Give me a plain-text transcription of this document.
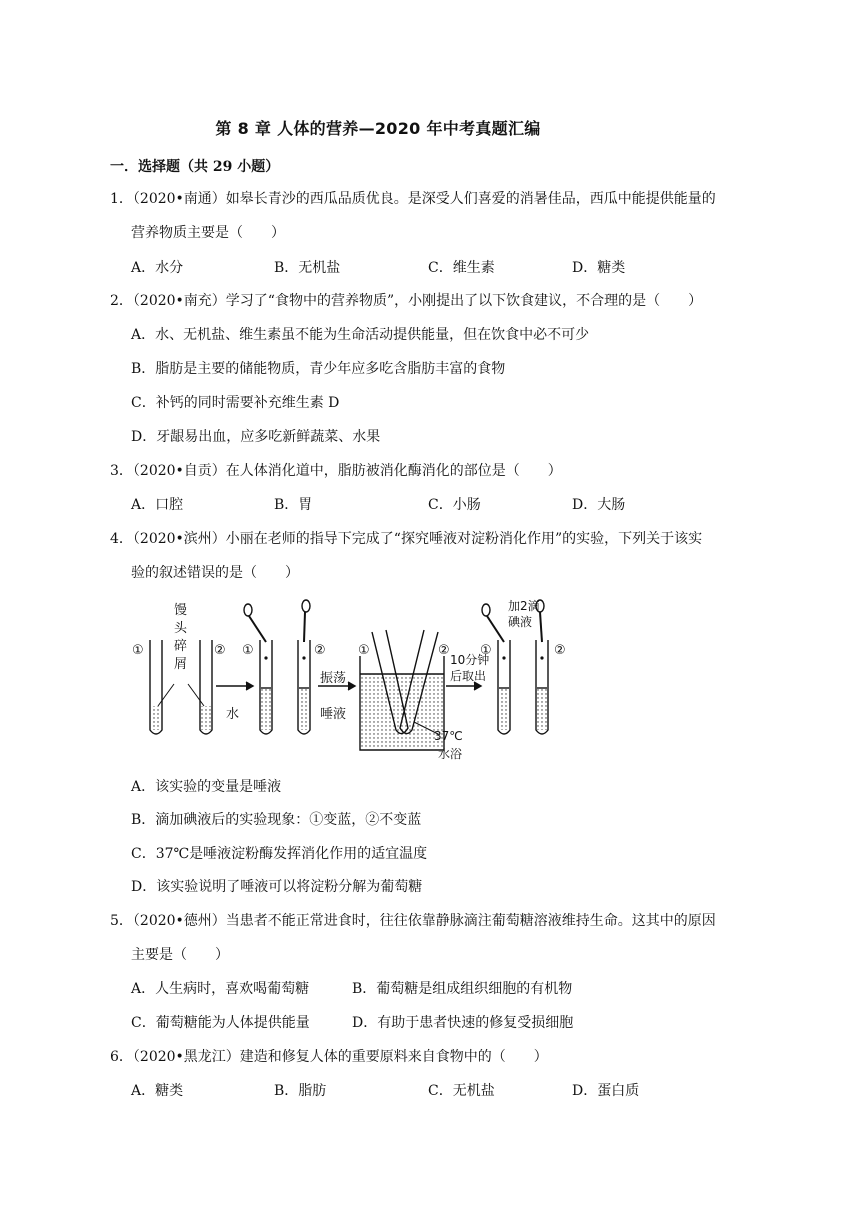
第 8 章 人体的营养—2020 年中考真题汇编
一．选择题（共 29 小题）
1．（2020•南通）如皋长青沙的西瓜品质优良。是深受人们喜爱的消暑佳品，西瓜中能提供能量的
营养物质主要是（　　）
A．水分	B．无机盐	C．维生素	D．糖类
2．（2020•南充）学习了“食物中的营养物质”，小刚提出了以下饮食建议，不合理的是（　　）
A．水、无机盐、维生素虽不能为生命活动提供能量，但在饮食中必不可少
B．脂肪是主要的储能物质，青少年应多吃含脂肪丰富的食物
C．补钙的同时需要补充维生素 D
D．牙龈易出血，应多吃新鲜蔬菜、水果
3．（2020•自贡）在人体消化道中，脂肪被消化酶消化的部位是（　　）
A．口腔	B．胃	C．小肠	D．大肠
4．（2020•滨州）小丽在老师的指导下完成了“探究唾液对淀粉消化作用”的实验，下列关于该实
验的叙述错误的是（　　）
①	②
馒
头
碎
屑
①	②
水
振荡
唾液
①	②
10分钟
后取出
37℃
水浴
①	②
加2滴
碘液
A．该实验的变量是唾液
B．滴加碘液后的实验现象：①变蓝，②不变蓝
C．37℃是唾液淀粉酶发挥消化作用的适宜温度
D．该实验说明了唾液可以将淀粉分解为葡萄糖
5．（2020•德州）当患者不能正常进食时，往往依靠静脉滴注葡萄糖溶液维持生命。这其中的原因
主要是（　　）
A．人生病时，喜欢喝葡萄糖	B．葡萄糖是组成组织细胞的有机物
C．葡萄糖能为人体提供能量	D．有助于患者快速的修复受损细胞
6．（2020•黑龙江）建造和修复人体的重要原料来自食物中的（　　）
A．糖类	B．脂肪	C．无机盐	D．蛋白质
